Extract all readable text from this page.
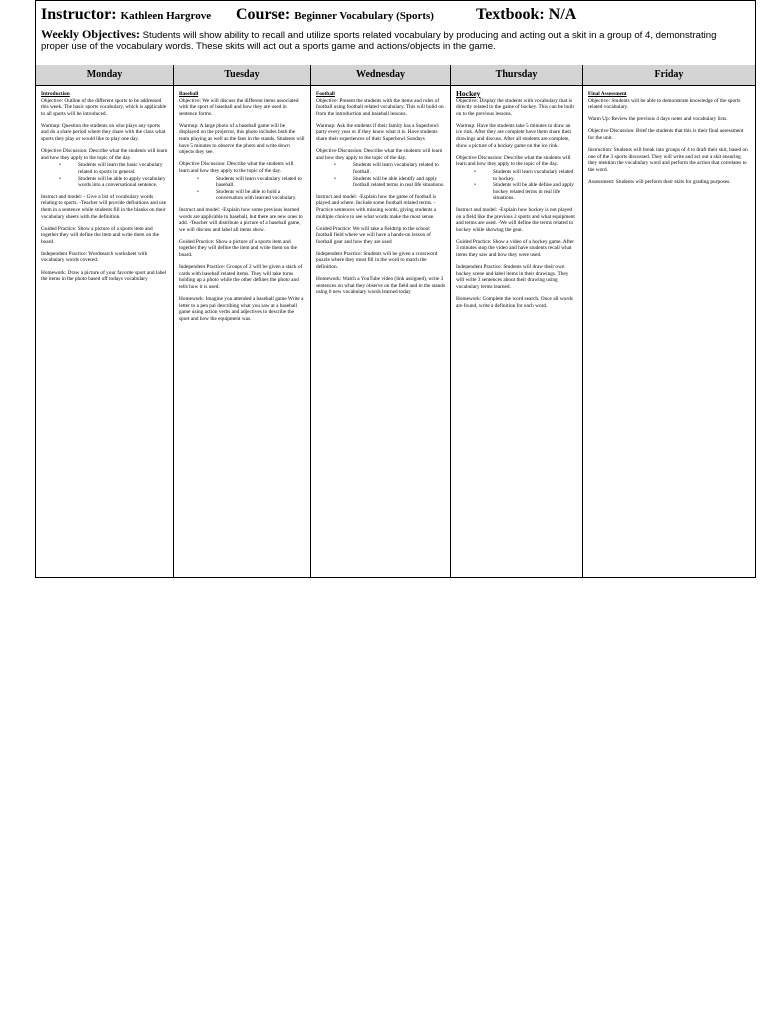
Instructor: Kathleen Hargrove Course: Beginner Vocabulary (Sports)	Textbook: N/A
Weekly Objectives: Students will show ability to recall and utilize sports related vocabulary by producing and acting out a skit in a group of 4, demonstrating proper use of the vocabulary words. These skits will act out a sports game and actions/objects in the game.
Monday
Introduction

Objective: Outline of the different sports to be addressed this week. The basic sports vocabulary, which is applicable to all sports will be introduced.

Warmup: Question the students on who plays any sports and do a share period where they share with the class what sports they play or would like to play one day.

Objective Discussion: Describe what the students will learn and how they apply to the topic of the day.

• Students will learn the basic vocabulary related to sports in general.
• Students will be able to apply vocabulary words into a conversational sentence.

Instruct and model: - Give a list of vocabulary words relating to sports. -Teacher will provide definitions and use them in a sentence while students fill in the blanks on their vocabulary sheets with the definition.

Guided Practice: Show a picture of a sports item and together they will define the item and write them on the board.

Independent Practice: Wordsearch worksheet with vocabulary words covered.

Homework: Draw a picture of your favorite sport and label the items in the photo based off todays vocabulary

Tuesday
Baseball

Objective: We will discuss the different items associated with the sport of baseball and how they are used in sentence forms.

Warmup: A large photo of a baseball game will be displayed on the projector, this photo includes both the team playing as well as the fans in the stands. Students will have 5 minutes to observe the photo and write down objects they see.

Objective Discussion: Describe what the students will learn and how they apply to the topic of the day.

• Students will learn vocabulary related to baseball.
• Students will be able to hold a conversation with learned vocabulary.

Instruct and model: -Explain how some previous learned words are applicable to baseball, but there are new ones to add. -Teacher will distribute a picture of a baseball game, we will discuss and label all items show.

Guided Practice: Show a picture of a sports item and together they will define the item and write them on the board.

Independent Practice: Groups of 2 will be given a stack of cards with baseball related items. They will take turns holding up a photo while the other defines the photo and tells how it is used.

Homework: Imagine you attended a baseball game Write a letter to a pen pal describing what you saw at a baseball game using action verbs and adjectives to describe the sport and how the equipment was.

Wednesday
Football

Objective: Present the students with the items and rules of football using football related vocabulary. This will build on from the introduction and baseball lessons.

Warmup: Ask the students if their family has a Superbowl party every year or if they know what it is. Have students share their experiences of their Superbowl Sundays

Objective Discussion: Describe what the students will learn and how they apply to the topic of the day.

• Students will learn vocabulary related to football.
• Students will be able identify and apply football related terms in real life situations.

Instruct and model: -Explain how the game of football is played and where. Include some football related terms. -Practice sentences with missing words, giving students a multiple choice to see what words make the most sense.

Guided Practice: We will take a fieldtrip to the school football field where we will have a hands-on lesson of football gear and how they are used

Independent Practice: Students will be given a crossword puzzle where they must fill in the word to match the definition.

Homework: Watch a YouTube video (link assigned), write 3 sentences on what they observe on the field and in the stands using 6 new vocabulary words learned today

Thursday
Hockey

Objective: Display the students with vocabulary that is directly related to the game of hockey. This can be built on to the previous lessons.

Warmup: Have the students take 5 minutes to draw an ice rink. After they are complete have them share their drawings and discuss. After all students are complete, show a picture of a hockey game on the ice rink.

Objective Discussion: Describe what the students will learn and how they apply to the topic of the day.

• Students will learn vocabulary related to hockey.
• Students will be able define and apply hockey related terms in real life situations.

Instruct and model: -Explain how hockey is not played on a field like the previous 2 sports and what equipment and terms are used. -We will define the terms related to hockey while showing the gear.

Guided Practice: Show a video of a hockey game. After 3 minutes stop the video and have students recall what items they saw and how they were used.

Independent Practice: Students will draw their own hockey scene and label items in their drawings. They will write 3 sentences about their drawing using vocabulary terms learned.

Homework: Complete the word search. Once all words are found, write a definition for each word.

Friday
Final Assessment

Objective: Students will be able to demonstrate knowledge of the sports related vocabulary.

Warm Up: Review the previous 4 days notes and vocabulary lists.

Objective Discussion: Brief the students that this is their final assessment for the unit.

Instruction: Students will break into groups of 4 to draft their skit, based on one of the 3 sports discussed. They will write and act out a skit ensuring they mention the vocabulary word and perform the action that correlates to the word.

Assessment: Students will perform their skits for grading purposes.
